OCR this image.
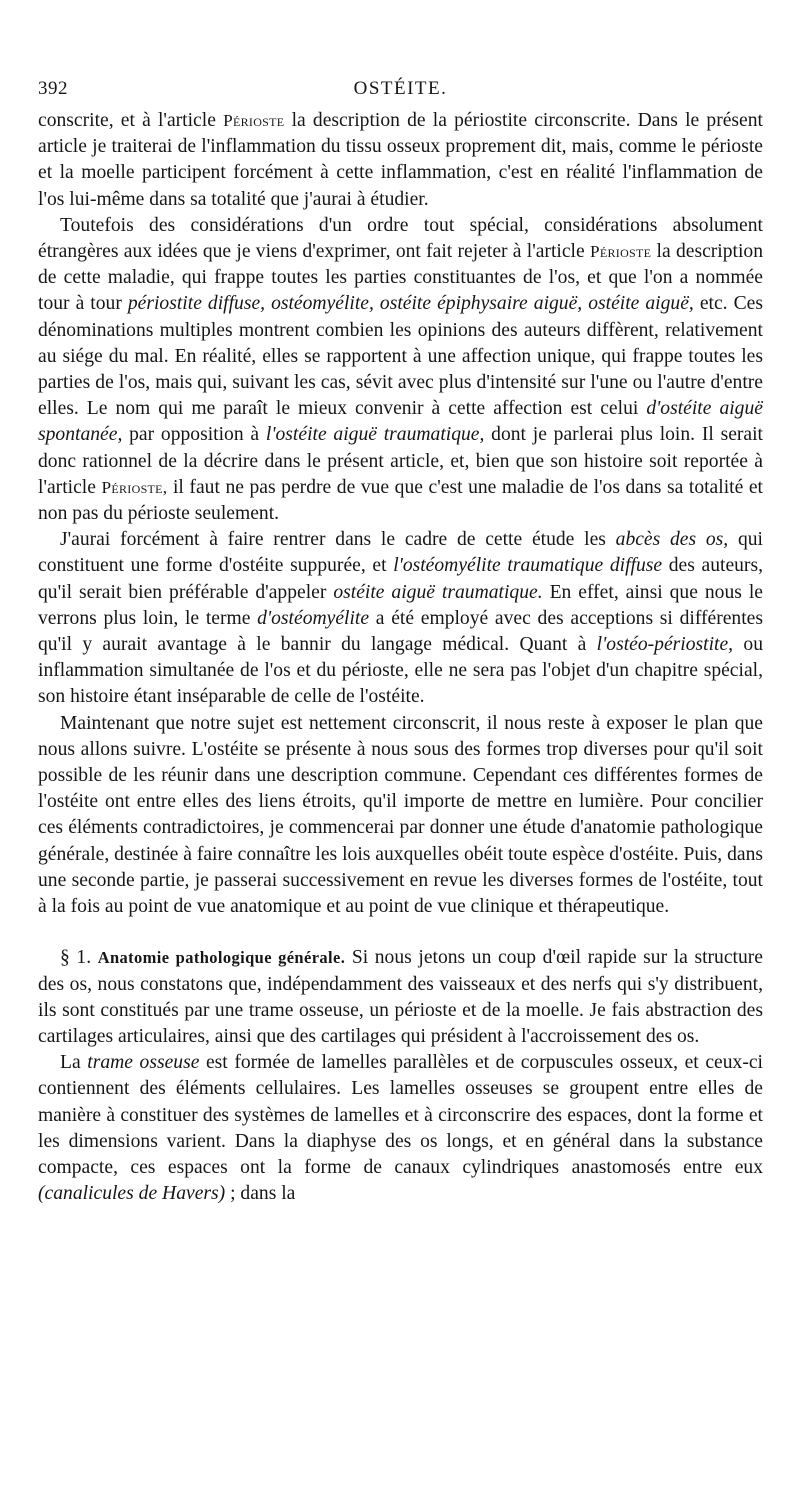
392	OSTÉITE.

conscrite, et à l'article Périoste la description de la périostite circonscrite. Dans le présent article je traiterai de l'inflammation du tissu osseux proprement dit, mais, comme le périoste et la moelle participent forcément à cette inflammation, c'est en réalité l'inflammation de l'os lui-même dans sa totalité que j'aurai à étudier.

Toutefois des considérations d'un ordre tout spécial, considérations absolument étrangères aux idées que je viens d'exprimer, ont fait rejeter à l'article Périoste la description de cette maladie, qui frappe toutes les parties constituantes de l'os, et que l'on a nommée tour à tour périostite diffuse, ostéomyélite, ostéite épiphysaire aiguë, ostéite aiguë, etc. Ces dénominations multiples montrent combien les opinions des auteurs diffèrent, relativement au siége du mal. En réalité, elles se rapportent à une affection unique, qui frappe toutes les parties de l'os, mais qui, suivant les cas, sévit avec plus d'intensité sur l'une ou l'autre d'entre elles. Le nom qui me paraît le mieux convenir à cette affection est celui d'ostéite aiguë spontanée, par opposition à l'ostéite aiguë traumatique, dont je parlerai plus loin. Il serait donc rationnel de la décrire dans le présent article, et, bien que son histoire soit reportée à l'article Périoste, il faut ne pas perdre de vue que c'est une maladie de l'os dans sa totalité et non pas du périoste seulement.

J'aurai forcément à faire rentrer dans le cadre de cette étude les abcès des os, qui constituent une forme d'ostéite suppurée, et l'ostéomyélite traumatique diffuse des auteurs, qu'il serait bien préférable d'appeler ostéite aiguë traumatique. En effet, ainsi que nous le verrons plus loin, le terme d'ostéomyélite a été employé avec des acceptions si différentes qu'il y aurait avantage à le bannir du langage médical. Quant à l'ostéo-périostite, ou inflammation simultanée de l'os et du périoste, elle ne sera pas l'objet d'un chapitre spécial, son histoire étant inséparable de celle de l'ostéite.

Maintenant que notre sujet est nettement circonscrit, il nous reste à exposer le plan que nous allons suivre. L'ostéite se présente à nous sous des formes trop diverses pour qu'il soit possible de les réunir dans une description commune. Cependant ces différentes formes de l'ostéite ont entre elles des liens étroits, qu'il importe de mettre en lumière. Pour concilier ces éléments contradictoires, je commencerai par donner une étude d'anatomie pathologique générale, destinée à faire connaître les lois auxquelles obéit toute espèce d'ostéite. Puis, dans une seconde partie, je passerai successivement en revue les diverses formes de l'ostéite, tout à la fois au point de vue anatomique et au point de vue clinique et thérapeutique.

§ 1. Anatomie pathologique générale. Si nous jetons un coup d'œil rapide sur la structure des os, nous constatons que, indépendamment des vaisseaux et des nerfs qui s'y distribuent, ils sont constitués par une trame osseuse, un périoste et de la moelle. Je fais abstraction des cartilages articulaires, ainsi que des cartilages qui président à l'accroissement des os.

La trame osseuse est formée de lamelles parallèles et de corpuscules osseux, et ceux-ci contiennent des éléments cellulaires. Les lamelles osseuses se groupent entre elles de manière à constituer des systèmes de lamelles et à circonscrire des espaces, dont la forme et les dimensions varient. Dans la diaphyse des os longs, et en général dans la substance compacte, ces espaces ont la forme de canaux cylindriques anastomosés entre eux (canalicules de Havers) ; dans la
